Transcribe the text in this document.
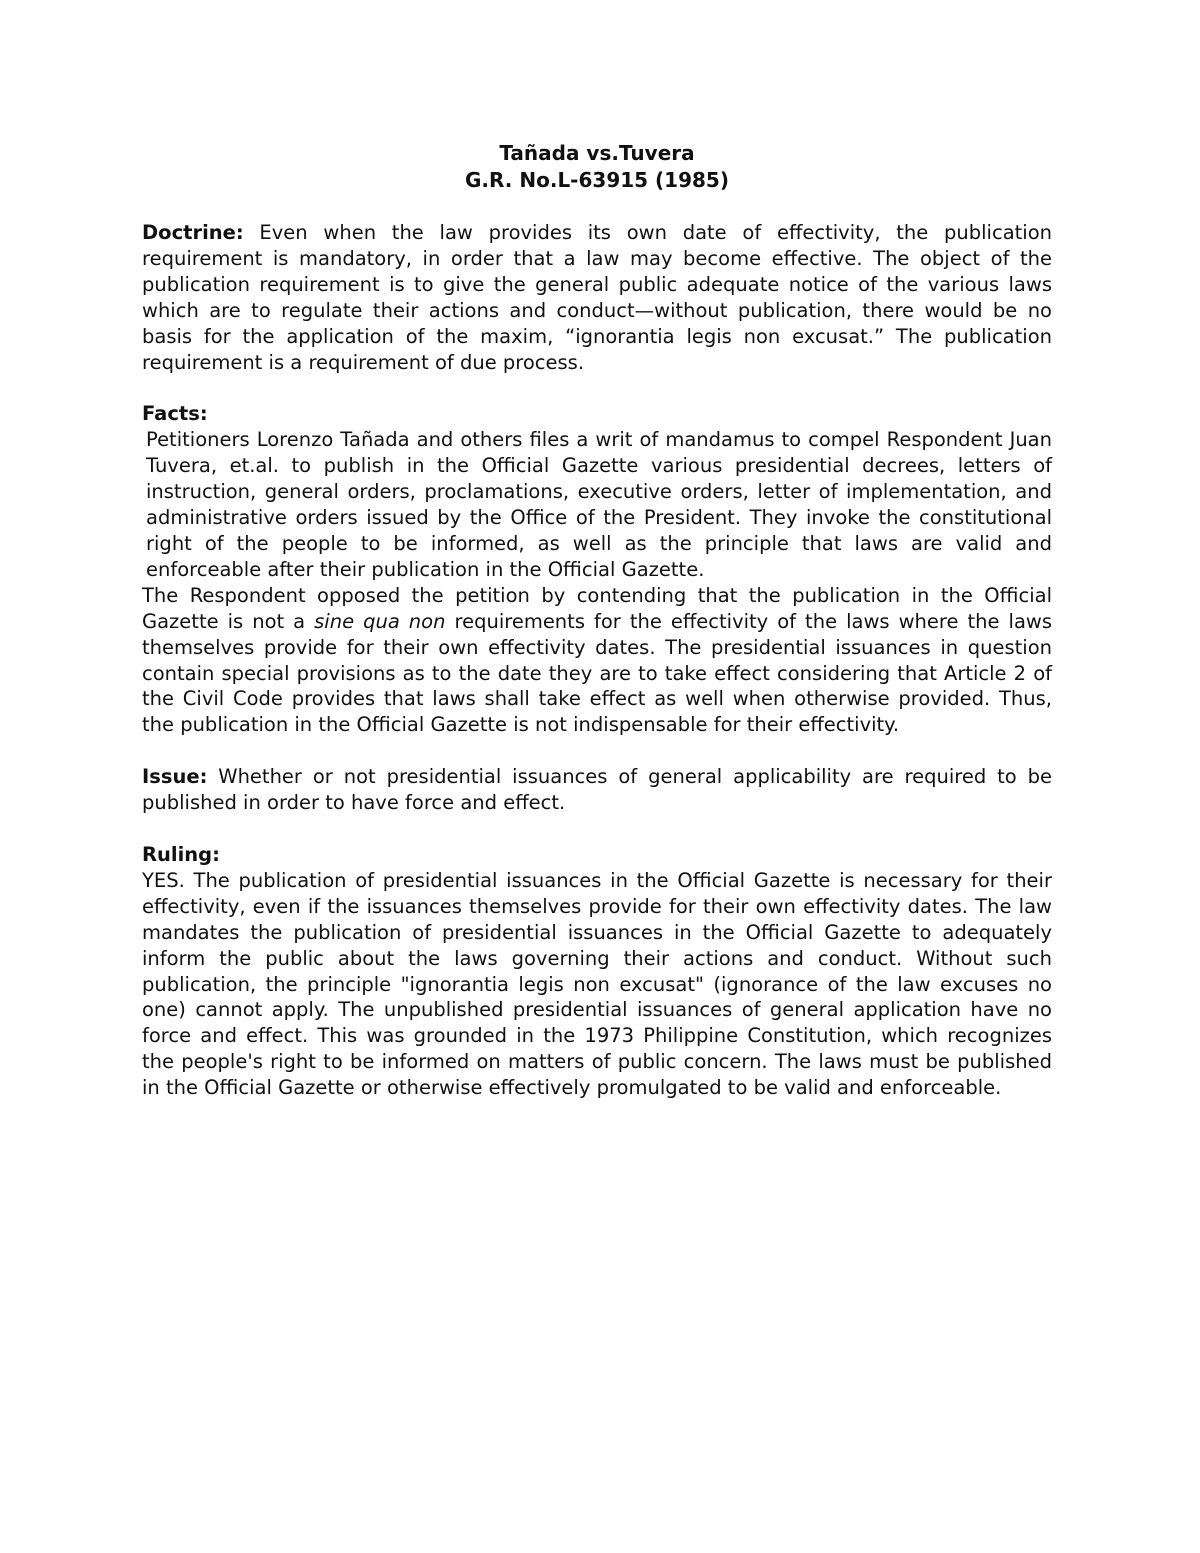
Tañada vs.Tuvera
G.R. No.L-63915 (1985)

Doctrine: Even when the law provides its own date of effectivity, the publication requirement is mandatory, in order that a law may become effective. The object of the publication requirement is to give the general public adequate notice of the various laws which are to regulate their actions and conduct—without publication, there would be no basis for the application of the maxim, “ignorantia legis non excusat.” The publication requirement is a requirement of due process.

Facts:

Petitioners Lorenzo Tañada and others files a writ of mandamus to compel Respondent Juan Tuvera, et.al. to publish in the Official Gazette various presidential decrees, letters of instruction, general orders, proclamations, executive orders, letter of implementation, and administrative orders issued by the Office of the President. They invoke the constitutional right of the people to be informed, as well as the principle that laws are valid and enforceable after their publication in the Official Gazette.

The Respondent opposed the petition by contending that the publication in the Official Gazette is not a sine qua non requirements for the effectivity of the laws where the laws themselves provide for their own effectivity dates. The presidential issuances in question contain special provisions as to the date they are to take effect considering that Article 2 of the Civil Code provides that laws shall take effect as well when otherwise provided. Thus, the publication in the Official Gazette is not indispensable for their effectivity.

Issue: Whether or not presidential issuances of general applicability are required to be published in order to have force and effect.

Ruling:

YES. The publication of presidential issuances in the Official Gazette is necessary for their effectivity, even if the issuances themselves provide for their own effectivity dates. The law mandates the publication of presidential issuances in the Official Gazette to adequately inform the public about the laws governing their actions and conduct. Without such publication, the principle "ignorantia legis non excusat" (ignorance of the law excuses no one) cannot apply. The unpublished presidential issuances of general application have no force and effect. This was grounded in the 1973 Philippine Constitution, which recognizes the people's right to be informed on matters of public concern. The laws must be published in the Official Gazette or otherwise effectively promulgated to be valid and enforceable.
